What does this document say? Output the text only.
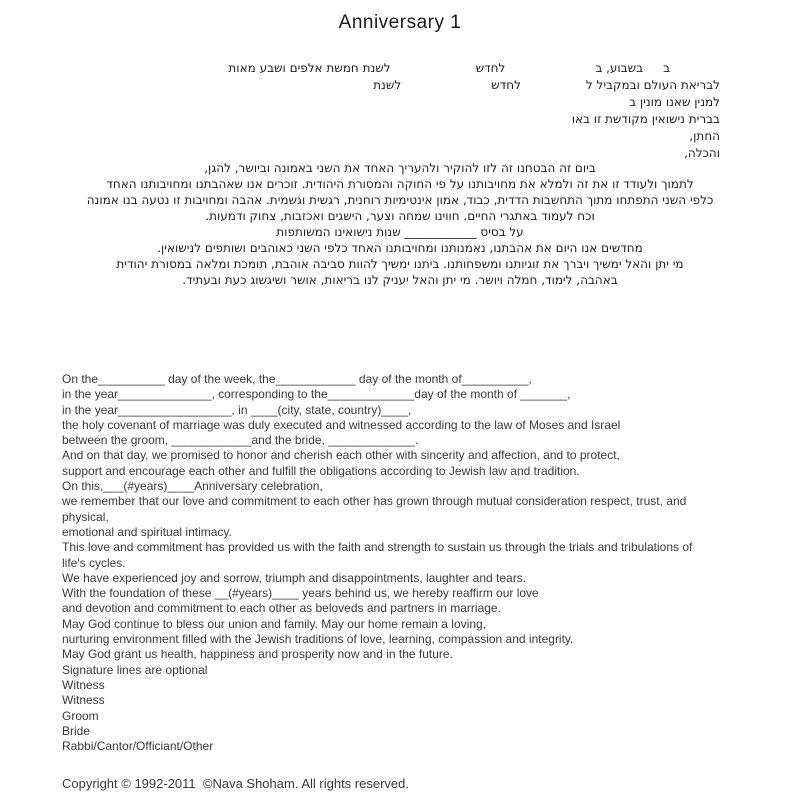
Anniversary 1
בבשבוע, בלחדשלשנת חמשת אלפים ושבע מאות
לבריאת העולם ובמקביל ללחדשלשנת
למנין שאנו מונין ב
בברית נישואין מקודשת זו באו
החתן,
והכלה,
ביום זה הבטחנו זה לזו להוקיר ולהעריך האחד את השני באמונה וביושר, להגן,
לתמוך ולעודד זו את זה ולמלא את מחויבותנו על פי החוקה והמסורת היהודית. זוכרים אנו שאהבתנו ומחויבותנו האחד
כלפי השני התפתחו מתוך התחשבות הדדית, כבוד, אמון אינטימיות רוחנית, רגשית וגשמית. אהבה ומחויבות זו נטעה בנו אמונה
וכח לעמוד באתגרי החיים. חווינו שמחה וצער, הישגים ואכזבות, צחוק ודמעות.
על בסיס ____________ שנות נישואינו המשותפות
מחדשים אנו היום את אהבתנו, נאמנותנו ומחויבותנו האחד כלפי השני כאוהבים ושותפים לנישואין.
מי יתן והאל ימשיך ויברך את זוגיותנו ומשפחותנו. ביתנו ימשיך להוות סביבה אוהבת, תומכת ומלאה במסורת יהודית
באהבה, לימוד, חמלה ויושר. מי יתן והאל יעניק לנו בריאות, אושר ושיגשוג כעת ובעתיד.
On the__________ day of the week, the____________ day of the month of__________,
in the year______________, corresponding to the_____________day of the month of _______,
in the year_________________, in ____(city, state, country)____,
the holy covenant of marriage was duly executed and witnessed according to the law of Moses and Israel
between the groom, ____________and the bride, _____________.
And on that day, we promised to honor and cherish each other with sincerity and affection, and to protect,
support and encourage each other and fulfill the obligations according to Jewish law and tradition.
On this,___(#years)____Anniversary celebration,
we remember that our love and commitment to each other has grown through mutual consideration respect, trust, and
physical,
emotional and spiritual intimacy.
This love and commitment has provided us with the faith and strength to sustain us through the trials and tribulations of
life's cycles.
We have experienced joy and sorrow, triumph and disappointments, laughter and tears.
With the foundation of these __(#years)____ years behind us, we hereby reaffirm our love
and devotion and commitment to each other as beloveds and partners in marriage.
May God continue to bless our union and family. May our home remain a loving,
nurturing environment filled with the Jewish traditions of love, learning, compassion and integrity.
May God grant us health, happiness and prosperity now and in the future.
Signature lines are optional
Witness
Witness
Groom
Bride
Rabbi/Cantor/Officiant/Other
Copyright © 1992-2011  ©Nava Shoham. All rights reserved.
